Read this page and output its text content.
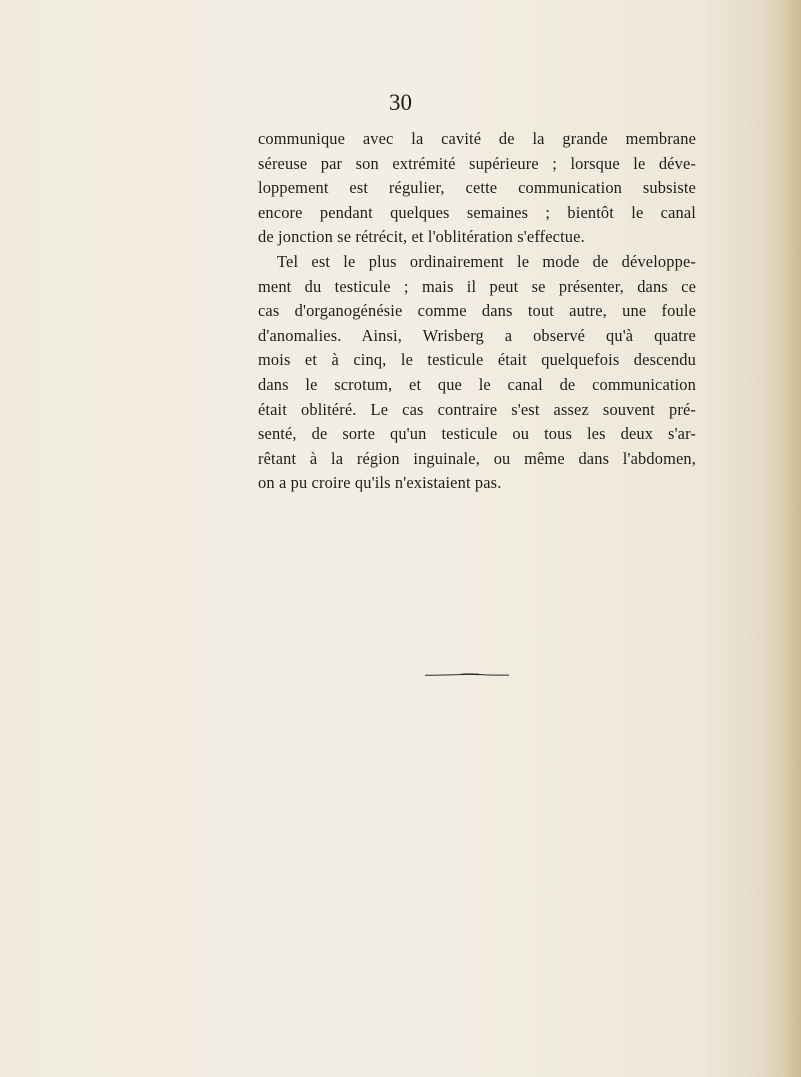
30
communique avec la cavité de la grande membrane
séreuse par son extrémité supérieure ; lorsque le déve-
loppement est régulier, cette communication subsiste
encore pendant quelques semaines ; bientôt le canal
de jonction se rétrécit, et l'oblitération s'effectue.
Tel est le plus ordinairement le mode de développe-
ment du testicule ; mais il peut se présenter, dans ce
cas d'organogénésie comme dans tout autre, une foule
d'anomalies. Ainsi, Wrisberg a observé qu'à quatre
mois et à cinq, le testicule était quelquefois descendu
dans le scrotum, et que le canal de communication
était oblitéré. Le cas contraire s'est assez souvent pré-
senté, de sorte qu'un testicule ou tous les deux s'ar-
rêtant à la région inguinale, ou même dans l'abdomen,
on a pu croire qu'ils n'existaient pas.
